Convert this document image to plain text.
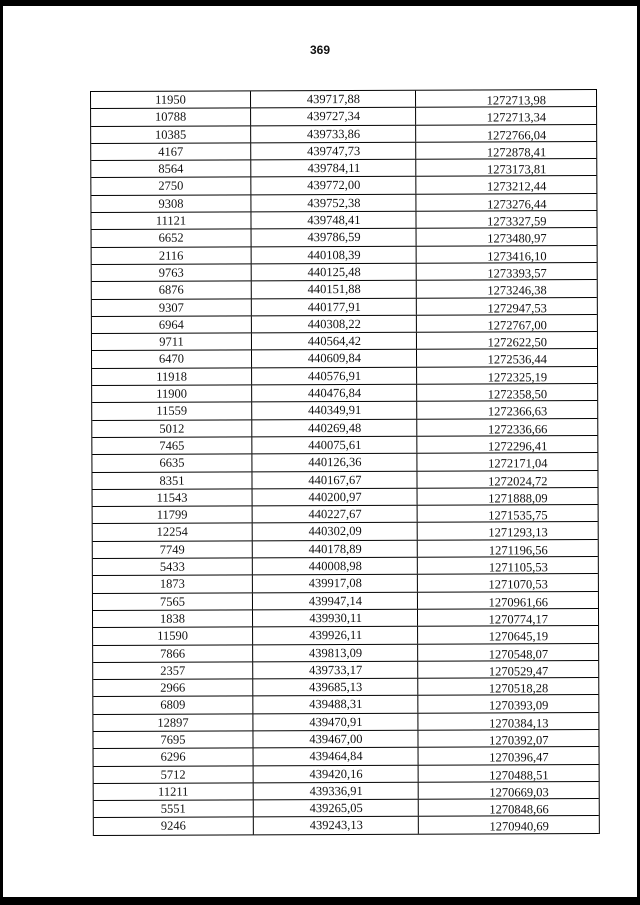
369
11950	439717,88	1272713,98
10788	439727,34	1272713,34
10385	439733,86	1272766,04
4167	439747,73	1272878,41
8564	439784,11	1273173,81
2750	439772,00	1273212,44
9308	439752,38	1273276,44
11121	439748,41	1273327,59
6652	439786,59	1273480,97
2116	440108,39	1273416,10
9763	440125,48	1273393,57
6876	440151,88	1273246,38
9307	440177,91	1272947,53
6964	440308,22	1272767,00
9711	440564,42	1272622,50
6470	440609,84	1272536,44
11918	440576,91	1272325,19
11900	440476,84	1272358,50
11559	440349,91	1272366,63
5012	440269,48	1272336,66
7465	440075,61	1272296,41
6635	440126,36	1272171,04
8351	440167,67	1272024,72
11543	440200,97	1271888,09
11799	440227,67	1271535,75
12254	440302,09	1271293,13
7749	440178,89	1271196,56
5433	440008,98	1271105,53
1873	439917,08	1271070,53
7565	439947,14	1270961,66
1838	439930,11	1270774,17
11590	439926,11	1270645,19
7866	439813,09	1270548,07
2357	439733,17	1270529,47
2966	439685,13	1270518,28
6809	439488,31	1270393,09
12897	439470,91	1270384,13
7695	439467,00	1270392,07
6296	439464,84	1270396,47
5712	439420,16	1270488,51
11211	439336,91	1270669,03
5551	439265,05	1270848,66
9246	439243,13	1270940,69
